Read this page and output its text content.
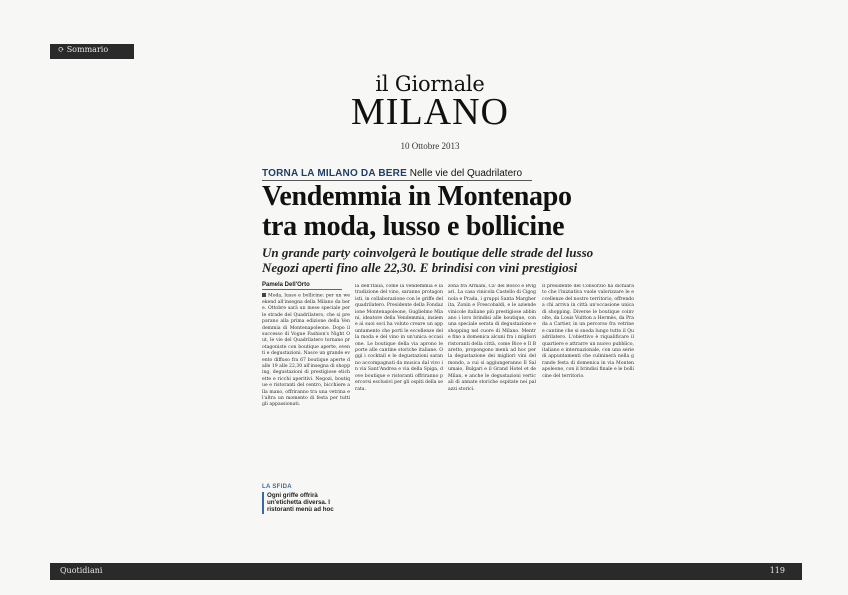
⟳ Sommario
il Giornale
MILANO
10 Ottobre 2013
TORNA LA MILANO DA BERE Nelle vie del Quadrilatero
Vendemmia in Montenapo
tra moda, lusso e bollicine
Un grande party coinvolgerà le boutique delle strade del lusso
Negozi aperti fino alle 22,30. E brindisi con vini prestigiosi
Pamela Dell'Orto
Moda, lusso e bollicine: per un weekend all'insegna della Milano da bere. Ottobre sarà un mese speciale per le strade del Quadrilatero, che si preparano alla prima edizione della Vendemmia di Montenapoleone. Dopo il successo di Vogue Fashion's Night Out, le vie del Quadrilatero tornano protagoniste con boutique aperte, eventi e degustazioni. Nasce un grande evento diffuso fra 67 boutique aperte dalle 19 alle 22,30 all'insegna di shopping, degustazioni di prestigiose etichette e ricchi aperitivi. Negozi, boutique e ristoranti del centro, bicchiere alla mano, offriranno tra una vetrina e l'altra un momento di festa per tutti gli appassionati.
la dell'Italia, come la vendemmia e la tradizione del vino, saranno protagonisti, in collaborazione con le griffe del quadrilatero. Presidente della Fondazione Montenapoleone, Guglielmo Miani, ideatore della Vendemmia, insieme ai suoi soci ha voluto creare un appuntamento che porti le eccellenze della moda e del vino in un'unica occasione. Le boutique della via aprono le porte alle cantine storiche italiane. Oggi i cocktail e le degustazioni saranno accompagnati da musica dal vivo in via Sant'Andrea e via della Spiga, dove boutique e ristoranti offriranno percorsi esclusivi per gli ospiti della serata.
zona fra Armani, Ca' del Bosco e Bvlgari. La casa vinicola Castello di Cigognola e Prada, i gruppi Santa Margherita, Zonin e Frescobaldi, e le aziende vinicole italiane più prestigiose abbinano i loro brindisi alle boutique, con una speciale serata di degustazione e shopping nel cuore di Milano. Mentre fino a domenica alcuni fra i migliori ristoranti della città, come Bice e Il Baretto, propongono menù ad hoc per la degustazione dei migliori vini del mondo, a cui si aggiungeranno Il Salumaio, Bulgari e il Grand Hotel et de Milan, e anche le degustazioni verticali di annate storiche ospitate nei palazzi storici.
Il presidente del Consorzio ha dichiarato che l'iniziativa vuole valorizzare le eccellenze del nostro territorio, offrendo a chi arriva in città un'occasione unica di shopping. Diverse le boutique coinvolte, da Louis Vuitton a Hermès, da Prada a Cartier, in un percorso fra vetrine e cantine che si snoda lungo tutto il Quadrilatero. L'obiettivo è riqualificare il quartiere e attrarre un nuovo pubblico, italiano e internazionale, con una serie di appuntamenti che culminerà nella grande festa di domenica in via Montenapoleone, con il brindisi finale e le bollicine del territorio.
LA SFIDA
Ogni griffe offrirà un'etichetta diversa. I ristoranti menù ad hoc
Quotidiani	119
